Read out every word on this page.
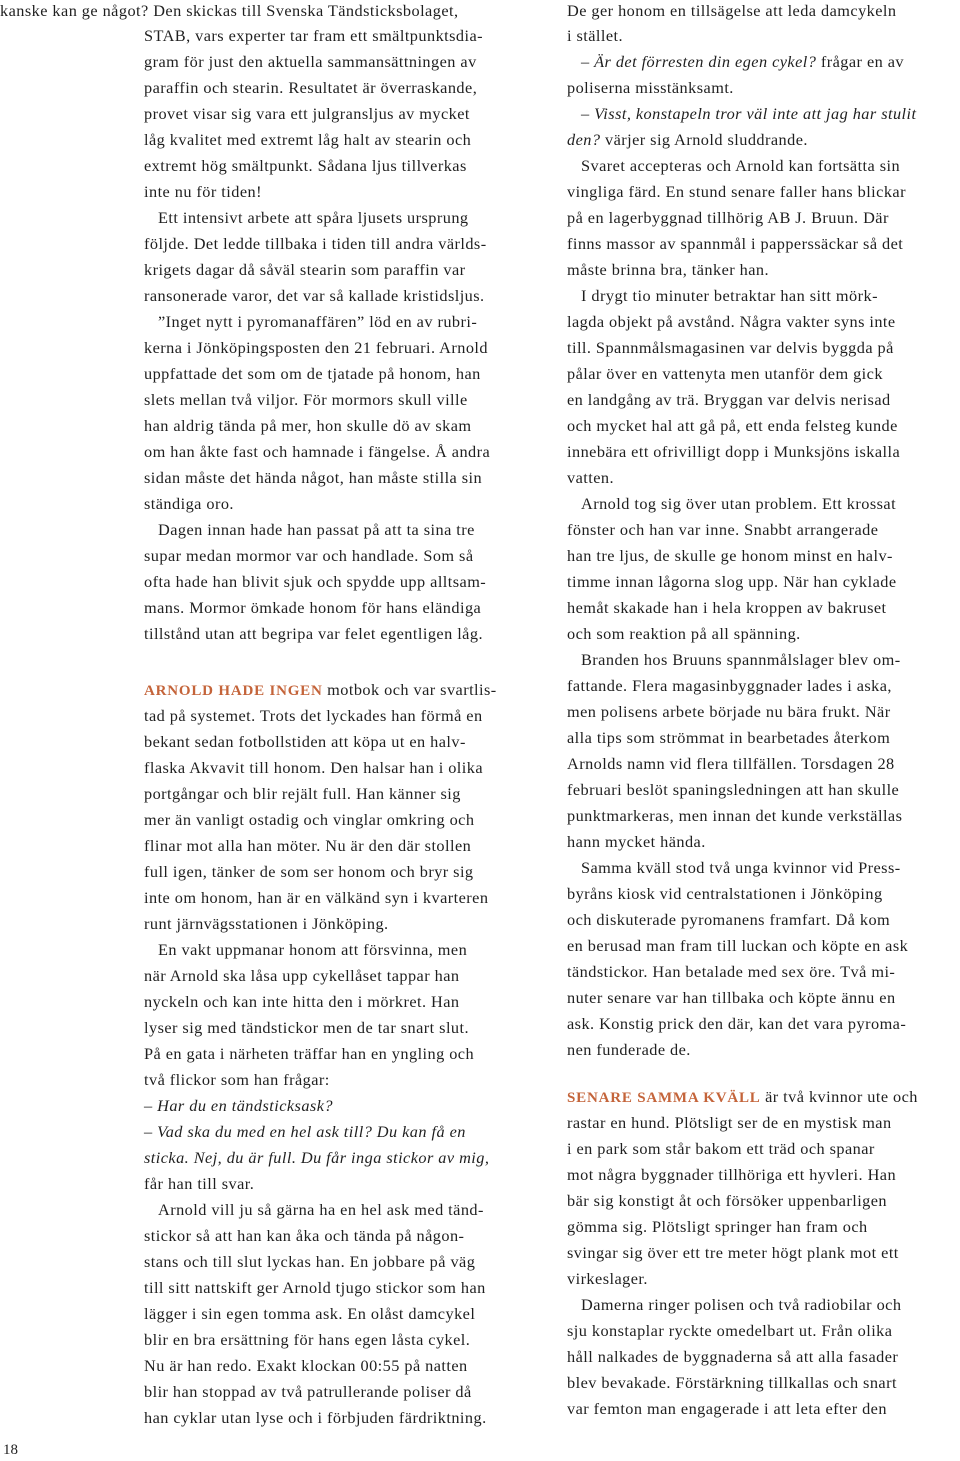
kanske kan ge något? Den skickas till Svenska Tändsticksbolaget,
STAB, vars experter tar fram ett smältpunktsdia-
gram för just den aktuella sammansättningen av
paraffin och stearin. Resultatet är överraskande,
provet visar sig vara ett julgransljus av mycket
låg kvalitet med extremt låg halt av stearin och
extremt hög smältpunkt. Sådana ljus tillverkas
inte nu för tiden!
Ett intensivt arbete att spåra ljusets ursprung
följde. Det ledde tillbaka i tiden till andra världs-
krigets dagar då såväl stearin som paraffin var
ransonerade varor, det var så kallade kristidsljus.
”Inget nytt i pyromanaffären” löd en av rubri-
kerna i Jönköpingsposten den 21 februari. Arnold
uppfattade det som om de tjatade på honom, han
slets mellan två viljor. För mormors skull ville
han aldrig tända på mer, hon skulle dö av skam
om han åkte fast och hamnade i fängelse. Å andra
sidan måste det hända något, han måste stilla sin
ständiga oro.
Dagen innan hade han passat på att ta sina tre
supar medan mormor var och handlade. Som så
ofta hade han blivit sjuk och spydde upp alltsam-
mans. Mormor ömkade honom för hans eländiga
tillstånd utan att begripa var felet egentligen låg.
ARNOLD HADE INGEN motbok och var svartlis-
tad på systemet. Trots det lyckades han förmå en
bekant sedan fotbollstiden att köpa ut en halv-
flaska Akvavit till honom. Den halsar han i olika
portgångar och blir rejält full. Han känner sig
mer än vanligt ostadig och vinglar omkring och
flinar mot alla han möter. Nu är den där stollen
full igen, tänker de som ser honom och bryr sig
inte om honom, han är en välkänd syn i kvarteren
runt järnvägsstationen i Jönköping.
En vakt uppmanar honom att försvinna, men
när Arnold ska låsa upp cykellåset tappar han
nyckeln och kan inte hitta den i mörkret. Han
lyser sig med tändstickor men de tar snart slut.
På en gata i närheten träffar han en yngling och
två flickor som han frågar:
– Har du en tändsticksask?
– Vad ska du med en hel ask till? Du kan få en
sticka. Nej, du är full. Du får inga stickor av mig,
får han till svar.
Arnold vill ju så gärna ha en hel ask med tänd-
stickor så att han kan åka och tända på någon-
stans och till slut lyckas han. En jobbare på väg
till sitt nattskift ger Arnold tjugo stickor som han
lägger i sin egen tomma ask. En olåst damcykel
blir en bra ersättning för hans egen låsta cykel.
Nu är han redo. Exakt klockan 00:55 på natten
blir han stoppad av två patrullerande poliser då
han cyklar utan lyse och i förbjuden färdriktning.
De ger honom en tillsägelse att leda damcykeln
i stället.
– Är det förresten din egen cykel? frågar en av
poliserna misstänksamt.
– Visst, konstapeln tror väl inte att jag har stulit
den? värjer sig Arnold sluddrande.
Svaret accepteras och Arnold kan fortsätta sin
vingliga färd. En stund senare faller hans blickar
på en lagerbyggnad tillhörig AB J. Bruun. Där
finns massor av spannmål i papperssäckar så det
måste brinna bra, tänker han.
I drygt tio minuter betraktar han sitt mörk-
lagda objekt på avstånd. Några vakter syns inte
till. Spannmålsmagasinen var delvis byggda på
pålar över en vattenyta men utanför dem gick
en landgång av trä. Bryggan var delvis nerisad
och mycket hal att gå på, ett enda felsteg kunde
innebära ett ofrivilligt dopp i Munksjöns iskalla
vatten.
Arnold tog sig över utan problem. Ett krossat
fönster och han var inne. Snabbt arrangerade
han tre ljus, de skulle ge honom minst en halv-
timme innan lågorna slog upp. När han cyklade
hemåt skakade han i hela kroppen av bakruset
och som reaktion på all spänning.
Branden hos Bruuns spannmålslager blev om-
fattande. Flera magasinbyggnader lades i aska,
men polisens arbete började nu bära frukt. När
alla tips som strömmat in bearbetades återkom
Arnolds namn vid flera tillfällen. Torsdagen 28
februari beslöt spaningsledningen att han skulle
punktmarkeras, men innan det kunde verkställas
hann mycket hända.
Samma kväll stod två unga kvinnor vid Press-
byråns kiosk vid centralstationen i Jönköping
och diskuterade pyromanens framfart. Då kom
en berusad man fram till luckan och köpte en ask
tändstickor. Han betalade med sex öre. Två mi-
nuter senare var han tillbaka och köpte ännu en
ask. Konstig prick den där, kan det vara pyroma-
nen funderade de.
SENARE SAMMA KVÄLL är två kvinnor ute och
rastar en hund. Plötsligt ser de en mystisk man
i en park som står bakom ett träd och spanar
mot några byggnader tillhöriga ett hyvleri. Han
bär sig konstigt åt och försöker uppenbarligen
gömma sig. Plötsligt springer han fram och
svingar sig över ett tre meter högt plank mot ett
virkeslager.
Damerna ringer polisen och två radiobilar och
sju konstaplar ryckte omedelbart ut. Från olika
håll nalkades de byggnaderna så att alla fasader
blev bevakade. Förstärkning tillkallas och snart
var femton man engagerade i att leta efter den
18
